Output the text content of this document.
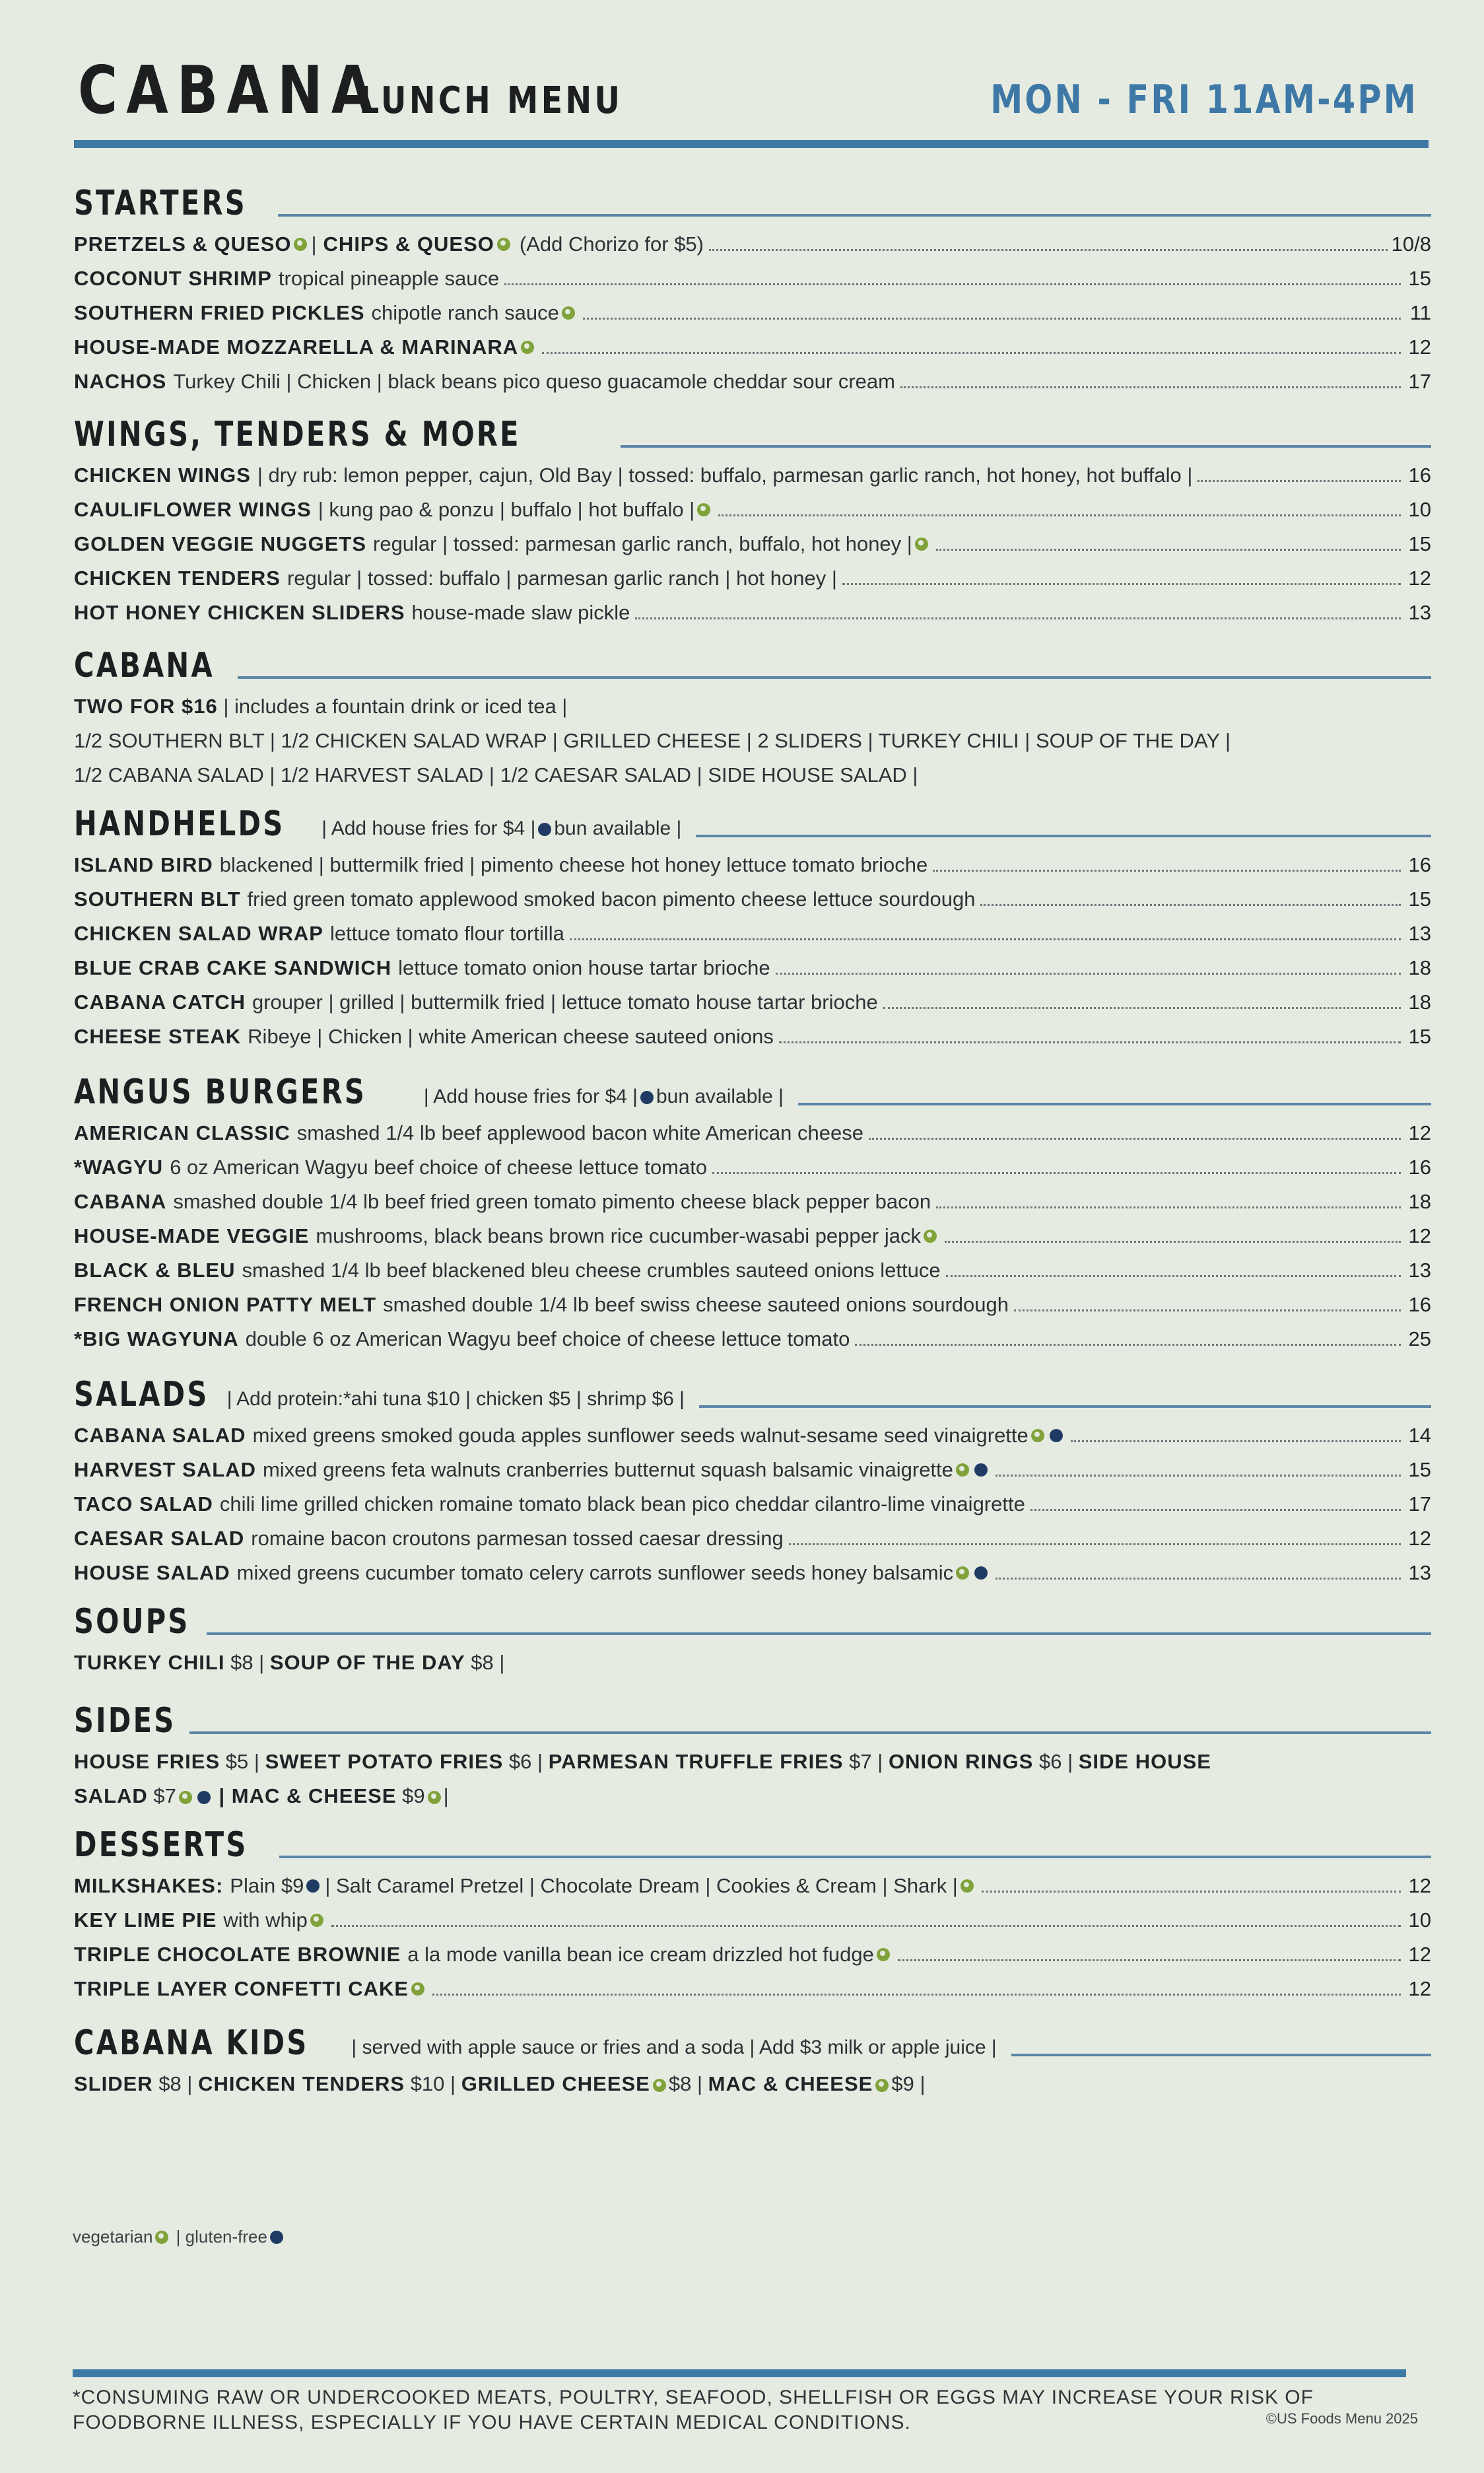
CABANA
LUNCH MENU	MON - FRI 11AM-4PM
STARTERS
PRETZELS & QUESO | CHIPS & QUESO (Add Chorizo for $5)	10/8
COCONUT SHRIMP tropical pineapple sauce	15
SOUTHERN FRIED PICKLES chipotle ranch sauce	11
HOUSE-MADE MOZZARELLA & MARINARA	12
NACHOS Turkey Chili | Chicken | black beans pico queso guacamole cheddar sour cream	17
WINGS, TENDERS & MORE
CHICKEN WINGS | dry rub: lemon pepper, cajun, Old Bay | tossed: buffalo, parmesan garlic ranch, hot honey, hot buffalo |	16
CAULIFLOWER WINGS | kung pao & ponzu | buffalo | hot buffalo |	10
GOLDEN VEGGIE NUGGETS regular | tossed: parmesan garlic ranch, buffalo, hot honey |	15
CHICKEN TENDERS regular | tossed: buffalo | parmesan garlic ranch | hot honey |	12
HOT HONEY CHICKEN SLIDERS house-made slaw pickle	13
CABANA
TWO FOR $16 | includes a fountain drink or iced tea |
1/2 SOUTHERN BLT | 1/2 CHICKEN SALAD WRAP | GRILLED CHEESE | 2 SLIDERS | TURKEY CHILI | SOUP OF THE DAY |
1/2 CABANA SALAD | 1/2 HARVEST SALAD | 1/2 CAESAR SALAD | SIDE HOUSE SALAD |
HANDHELDS | Add house fries for $4 | bun available |
ISLAND BIRD blackened | buttermilk fried | pimento cheese hot honey lettuce tomato brioche	16
SOUTHERN BLT fried green tomato applewood smoked bacon pimento cheese lettuce sourdough	15
CHICKEN SALAD WRAP lettuce tomato flour tortilla	13
BLUE CRAB CAKE SANDWICH lettuce tomato onion house tartar brioche	18
CABANA CATCH grouper | grilled | buttermilk fried | lettuce tomato house tartar brioche	18
CHEESE STEAK Ribeye | Chicken | white American cheese sauteed onions	15
ANGUS BURGERS	| Add house fries for $4 | bun available |
AMERICAN CLASSIC smashed 1/4 lb beef applewood bacon white American cheese	12
*WAGYU 6 oz American Wagyu beef choice of cheese lettuce tomato	16
CABANA smashed double 1/4 lb beef fried green tomato pimento cheese black pepper bacon	18
HOUSE-MADE VEGGIE mushrooms, black beans brown rice cucumber-wasabi pepper jack	12
BLACK & BLEU smashed 1/4 lb beef blackened bleu cheese crumbles sauteed onions lettuce	13
FRENCH ONION PATTY MELT smashed double 1/4 lb beef swiss cheese sauteed onions sourdough	16
*BIG WAGYUNA double 6 oz American Wagyu beef choice of cheese lettuce tomato	25
SALADS | Add protein:*ahi tuna $10 | chicken $5 | shrimp $6 |
CABANA SALAD mixed greens smoked gouda apples sunflower seeds walnut-sesame seed vinaigrette	14
HARVEST SALAD mixed greens feta walnuts cranberries butternut squash balsamic vinaigrette	15
TACO SALAD chili lime grilled chicken romaine tomato black bean pico cheddar cilantro-lime vinaigrette	17
CAESAR SALAD romaine bacon croutons parmesan tossed caesar dressing	12
HOUSE SALAD mixed greens cucumber tomato celery carrots sunflower seeds honey balsamic	13
SOUPS
TURKEY CHILI $8 | SOUP OF THE DAY $8 |
SIDES
HOUSE FRIES $5 | SWEET POTATO FRIES $6 | PARMESAN TRUFFLE FRIES $7 | ONION RINGS $6 | SIDE HOUSE
SALAD $7 | MAC & CHEESE $9 |
DESSERTS
MILKSHAKES: Plain $9 | Salt Caramel Pretzel | Chocolate Dream | Cookies & Cream | Shark |	12
KEY LIME PIE with whip	10
TRIPLE CHOCOLATE BROWNIE a la mode vanilla bean ice cream drizzled hot fudge	12
TRIPLE LAYER CONFETTI CAKE	12
CABANA KIDS | served with apple sauce or fries and a soda | Add $3 milk or apple juice |
SLIDER $8 | CHICKEN TENDERS $10 | GRILLED CHEESE $8 | MAC & CHEESE $9 |
vegetarian | gluten-free
*CONSUMING RAW OR UNDERCOOKED MEATS, POULTRY, SEAFOOD, SHELLFISH OR EGGS MAY INCREASE YOUR RISK OF FOODBORNE ILLNESS, ESPECIALLY IF YOU HAVE CERTAIN MEDICAL CONDITIONS.	©US Foods Menu 2025
